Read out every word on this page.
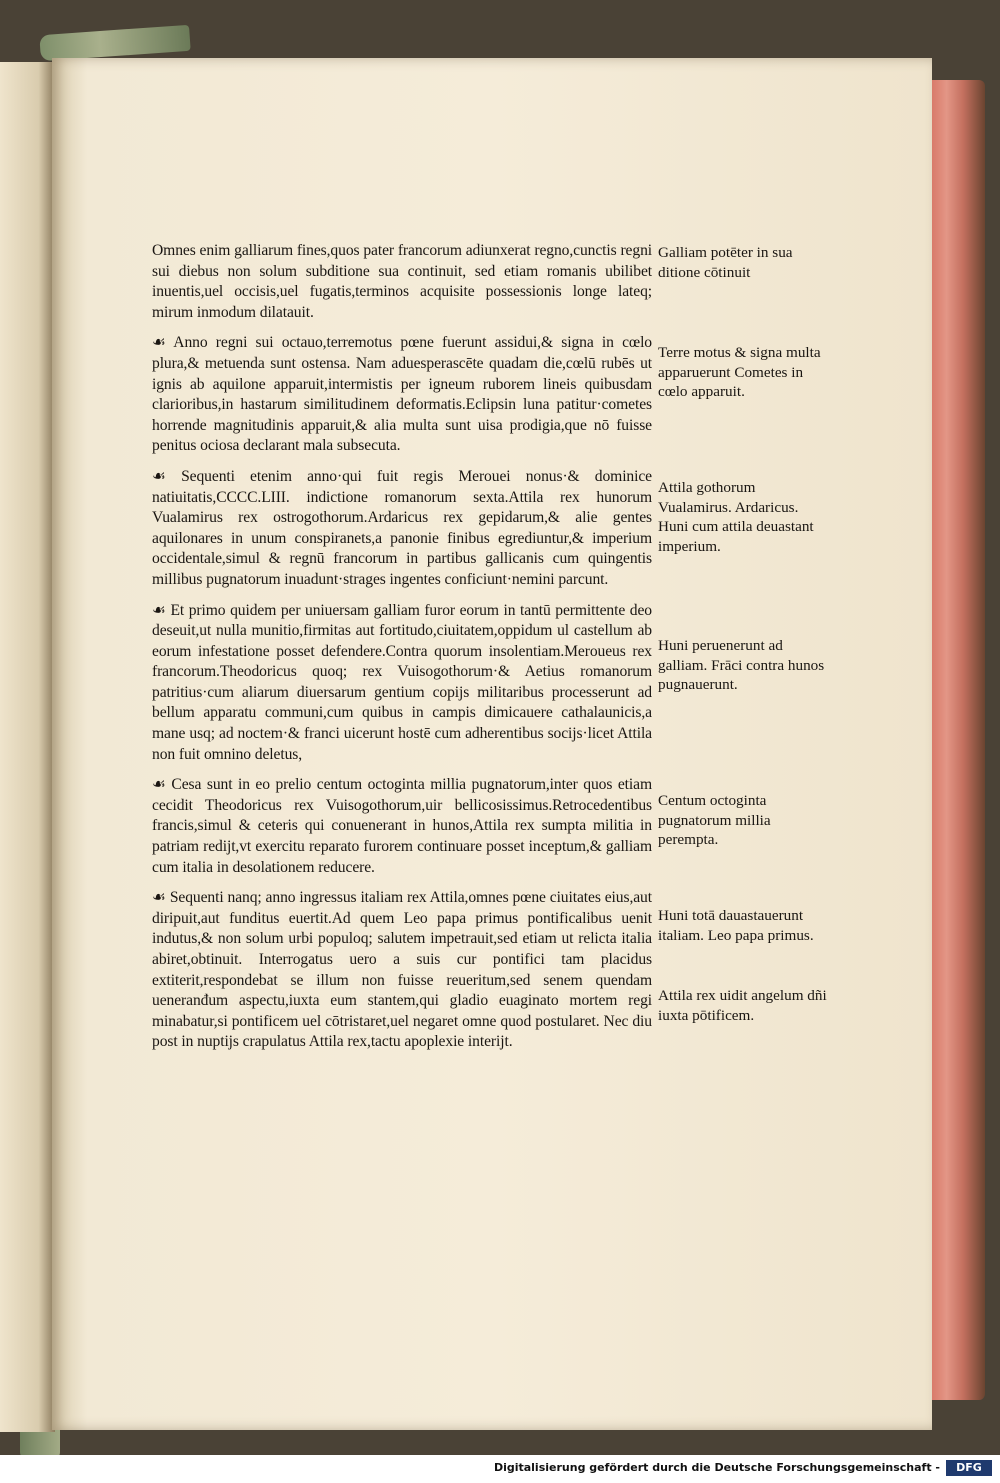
Omnes enim galliarum fines,quos pater francorum adiunxerat regno,cunctis regni sui diebus non solum subditione sua continuit, sed etiam romanis ubilibet inuentis,uel occisis,uel fugatis,terminos acquisite possessionis longe lateq; mirum inmodum dilatauit.

☙ Anno regni sui octauo,terremotus pœne fuerunt assidui,& signa in cœlo plura,& metuenda sunt ostensa. Nam aduesperascēte quadam die,cœlū rubēs ut ignis ab aquilone apparuit,intermistis per igneum ruborem lineis quibusdam clarioribus,in hastarum similitudinem deformatis.Eclipsin luna patitur·cometes horrende magnitudinis apparuit,& alia multa sunt uisa prodigia,que nō fuisse penitus ociosa declarant mala subsecuta.

☙ Sequenti etenim anno·qui fuit regis Merouei nonus·& dominice natiuitatis,CCCC.LIII. indictione romanorum sexta.Attila rex hunorum Vualamirus rex ostrogothorum.Ardaricus rex gepidarum,& alie gentes aquilonares in unum conspiranets,a panonie finibus egrediuntur,& imperium occidentale,simul & regnū francorum in partibus gallicanis cum quingentis millibus pugnatorum inuadunt·strages ingentes conficiunt·nemini parcunt.

☙ Et primo quidem per uniuersam galliam furor eorum in tantū permittente deo deseuit,ut nulla munitio,firmitas aut fortitudo,ciuitatem,oppidum ul castellum ab eorum infestatione posset defendere.Contra quorum insolentiam.Meroueus rex francorum.Theodoricus quoq; rex Vuisogothorum·& Aetius romanorum patritius·cum aliarum diuersarum gentium copijs militaribus processerunt ad bellum apparatu communi,cum quibus in campis dimicauere cathalaunicis,a mane usq; ad noctem·& franci uicerunt hostē cum adherentibus socijs·licet Attila non fuit omnino deletus,

☙ Cesa sunt in eo prelio centum octoginta millia pugnatorum,inter quos etiam cecidit Theodoricus rex Vuisogothorum,uir bellicosissimus.Retrocedentibus francis,simul & ceteris qui conuenerant in hunos,Attila rex sumpta militia in patriam redijt,vt exercitu reparato furorem continuare posset inceptum,& galliam cum italia in desolationem reducere.

☙ Sequenti nanq; anno ingressus italiam rex Attila,omnes pœne ciuitates eius,aut diripuit,aut funditus euertit.Ad quem Leo papa primus pontificalibus uenit indutus,& non solum urbi populoq; salutem impetrauit,sed etiam ut relicta italia abiret,obtinuit. Interrogatus uero a suis cur pontifici tam placidus extiterit,respondebat se illum non fuisse reueritum,sed senem quendam ueneranđum aspectu,iuxta eum stantem,qui gladio euaginato mortem regi minabatur,si pontificem uel cōtristaret,uel negaret omne quod postularet. Nec diu post in nuptijs crapulatus Attila rex,tactu apoplexie interijt.

Galliam potēter in sua ditione cōtinuit
Terre motus & signa multa apparuerunt Cometes in cœlo apparuit.
Attila gothorum Vualamirus. Ardaricus. Huni cum attila deuastant imperium.
Huni peruenerunt ad galliam. Frāci contra hunos pugnauerunt.
Centum octoginta pugnatorum millia perempta.
Huni totā dauastauerunt italiam. Leo papa primus.
Attila rex uidit angelum dñi iuxta pōtificem.
Digitalisierung gefördert durch die Deutsche Forschungsgemeinschaft -	DFG
